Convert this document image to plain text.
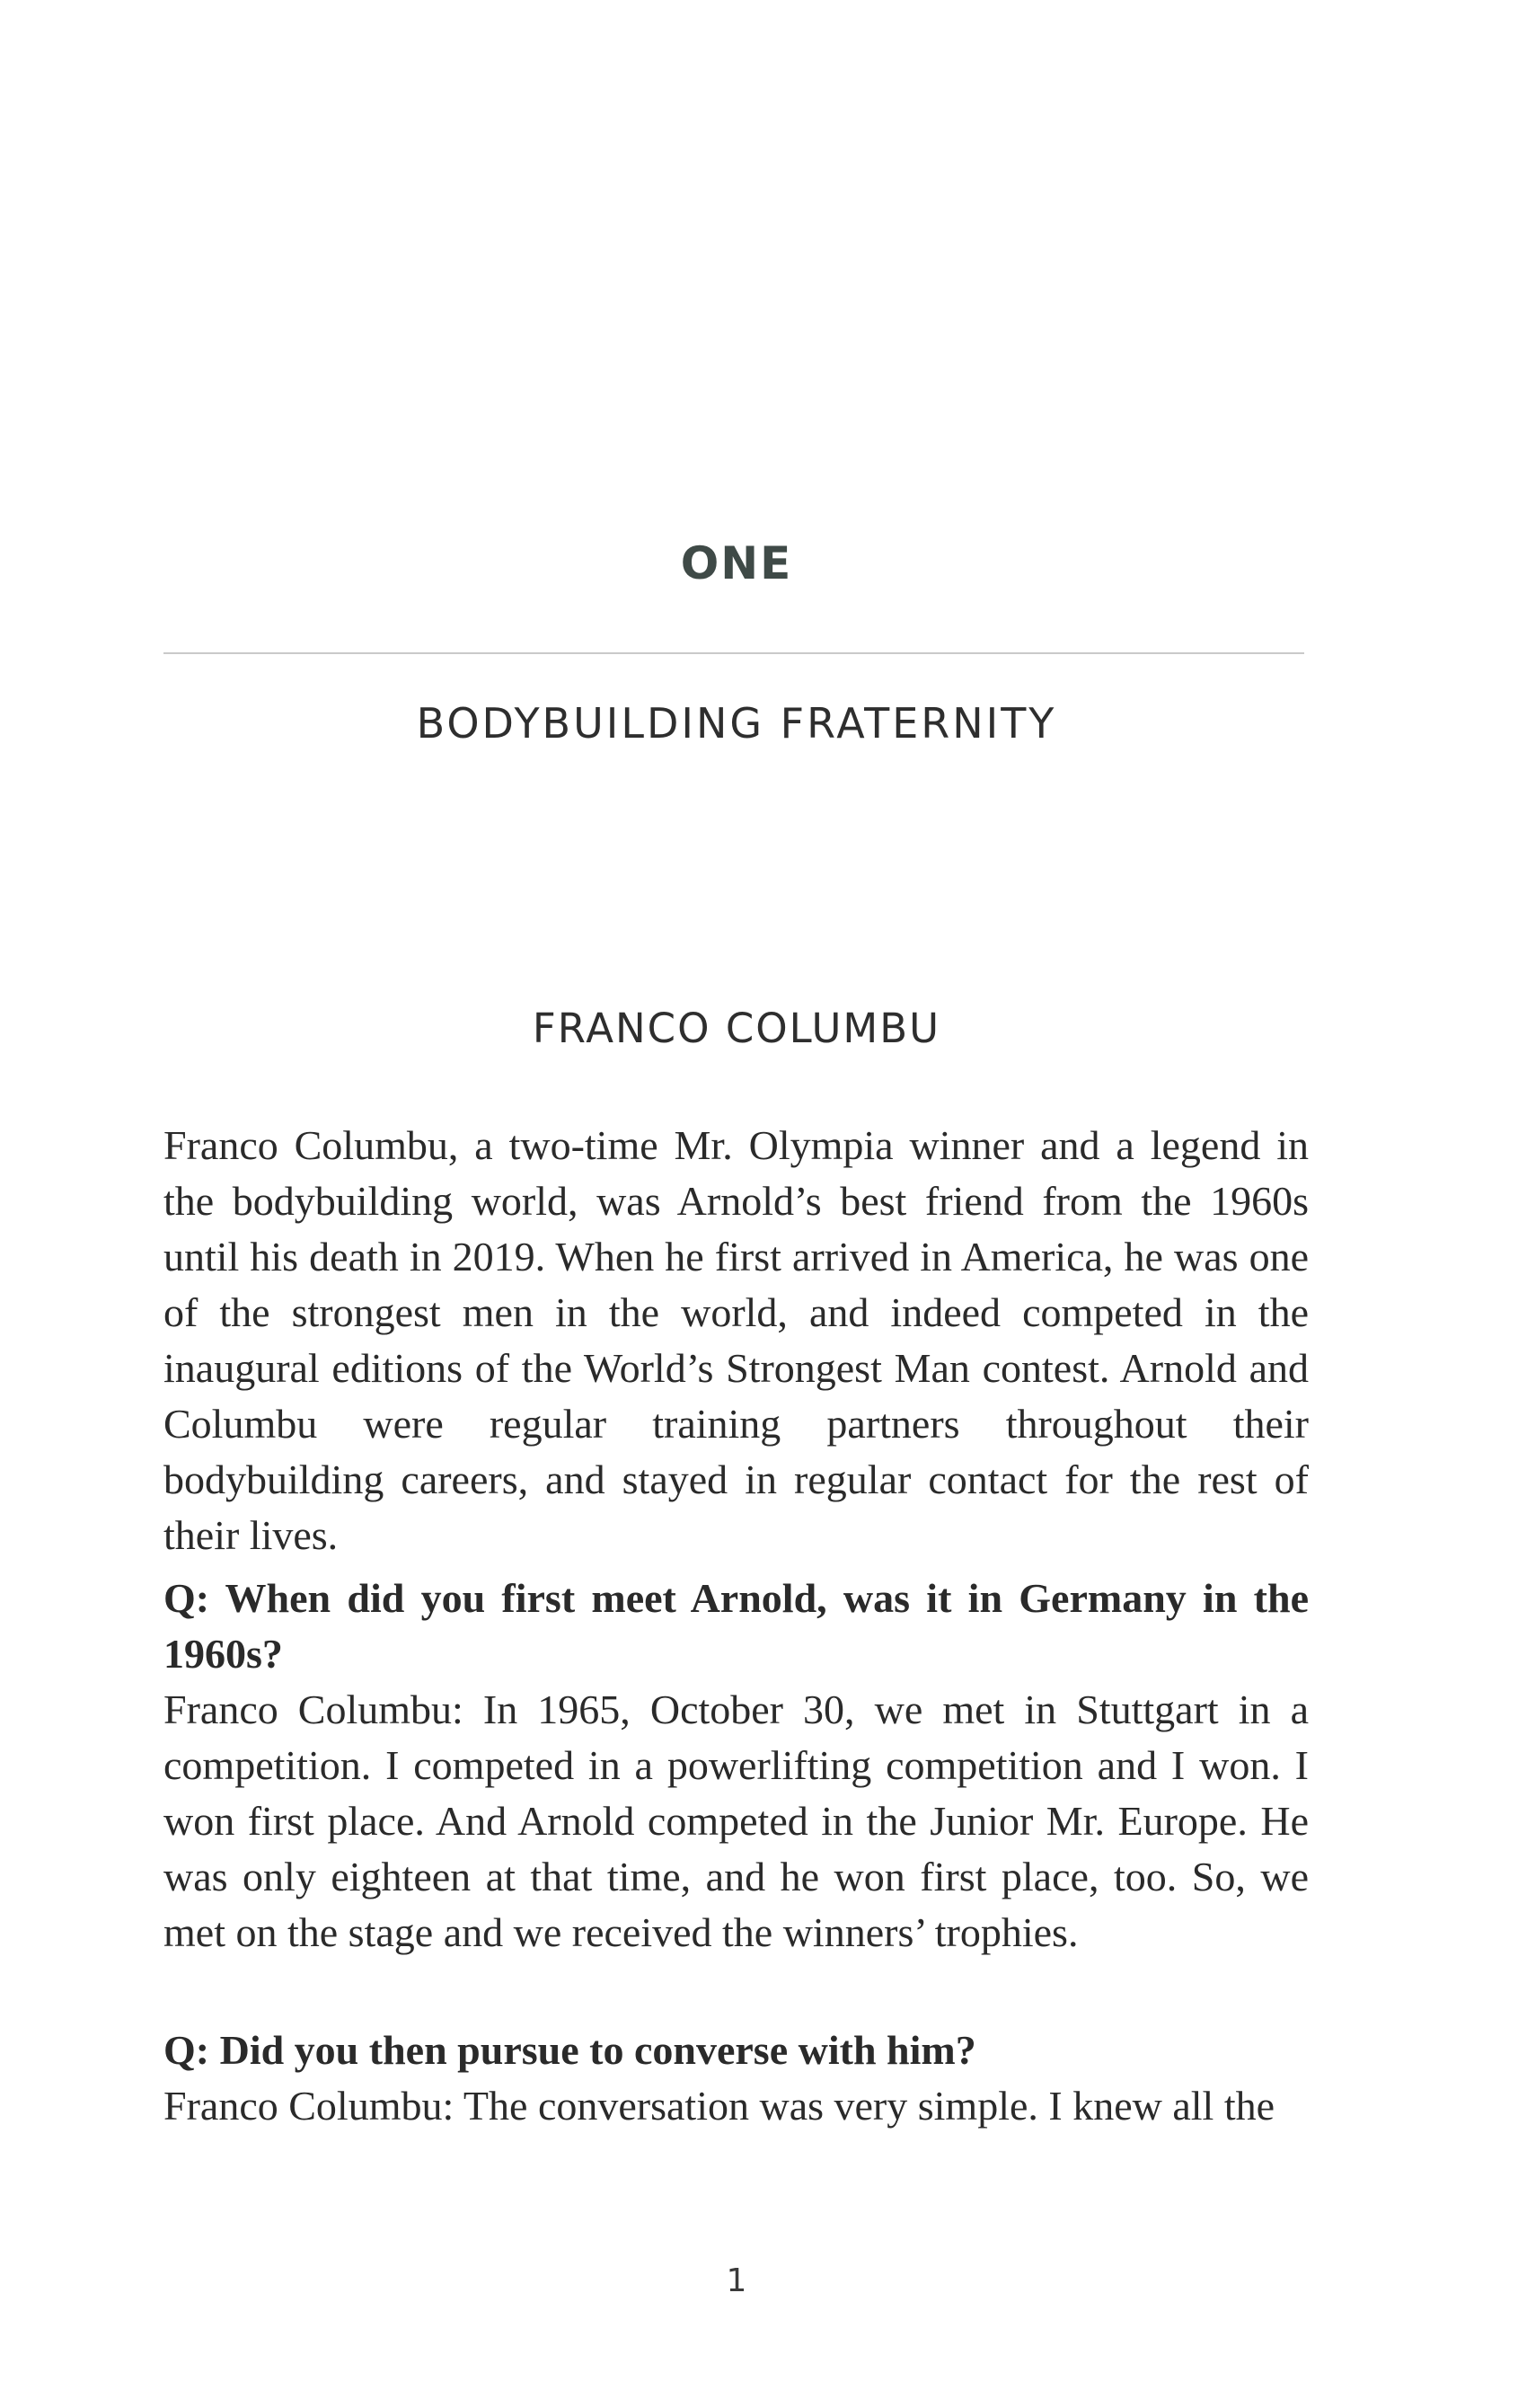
ONE
BODYBUILDING FRATERNITY
FRANCO COLUMBU

Franco Columbu, a two-time Mr. Olympia winner and a legend in the bodybuilding world, was Arnold’s best friend from the 1960s until his death in 2019. When he first arrived in America, he was one of the strongest men in the world, and indeed competed in the inaugural editions of the World’s Strongest Man contest. Arnold and Columbu were regular training partners throughout their bodybuilding careers, and stayed in regular contact for the rest of their lives.

Q: When did you first meet Arnold, was it in Germany in the 1960s?

Franco Columbu: In 1965, October 30, we met in Stuttgart in a competition. I competed in a powerlifting competition and I won. I won first place. And Arnold competed in the Junior Mr. Europe. He was only eighteen at that time, and he won first place, too. So, we met on the stage and we received the winners’ trophies.

Q: Did you then pursue to converse with him?

Franco Columbu: The conversation was very simple. I knew all the

1
